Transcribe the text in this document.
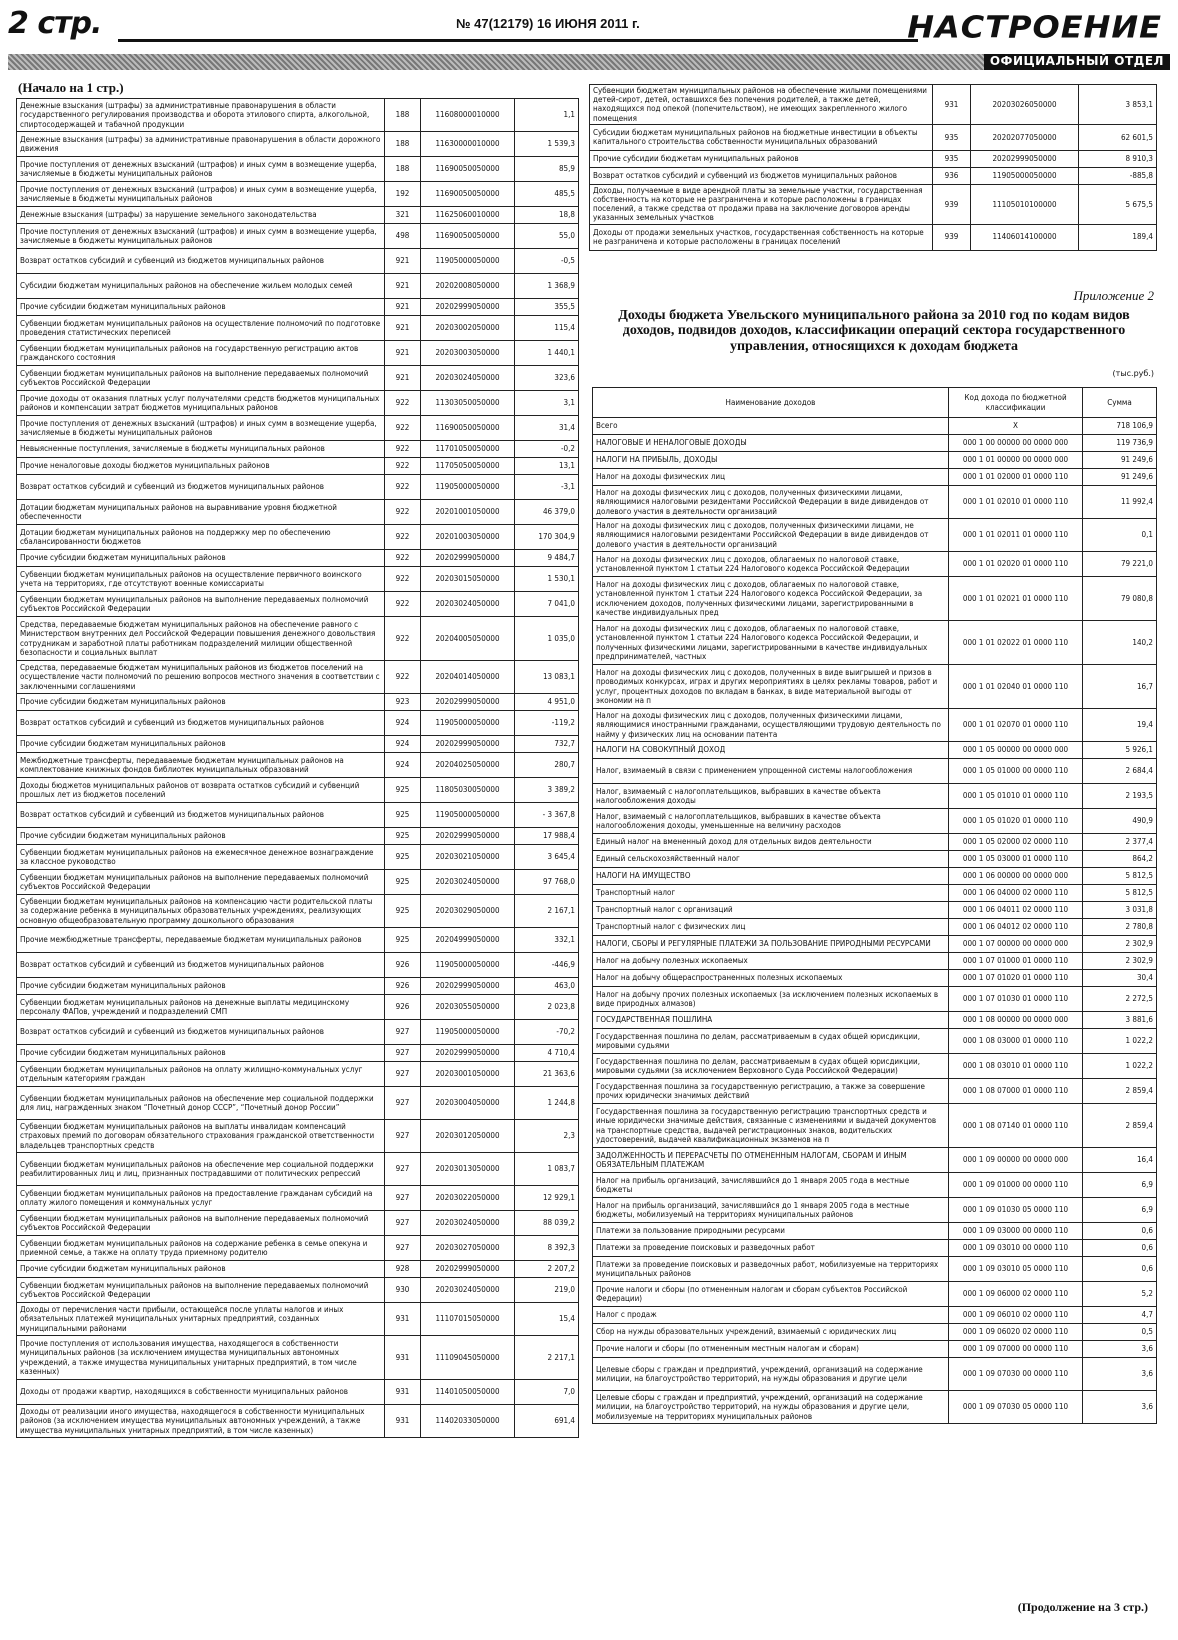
2 стр.	№ 47(12179) 16 ИЮНЯ 2011 г.	НАСТРОЕНИЕ
ОФИЦИАЛЬНЫЙ ОТДЕЛ
(Начало на 1 стр.)
Денежные взыскания (штрафы) за административные правонарушения в области государственного регулирования производства и оборота этилового спирта, алкогольной, спиртосодержащей и табачной продукции	188	11608000010000	1,1
Денежные взыскания (штрафы) за административные правонарушения в области дорожного движения	188	11630000010000	1 539,3
Прочие поступления от денежных взысканий (штрафов) и иных сумм в возмещение ущерба, зачисляемые в бюджеты муниципальных районов	188	11690050050000	85,9
Прочие поступления от денежных взысканий (штрафов) и иных сумм в возмещение ущерба, зачисляемые в бюджеты муниципальных районов	192	11690050050000	485,5
Денежные взыскания (штрафы) за нарушение земельного законодательства	321	11625060010000	18,8
Прочие поступления от денежных взысканий (штрафов) и иных сумм в возмещение ущерба, зачисляемые в бюджеты муниципальных районов	498	11690050050000	55,0
Возврат остатков субсидий и субвенций из бюджетов муниципальных районов	921	11905000050000	-0,5
Субсидии бюджетам муниципальных районов на обеспечение жильем молодых семей	921	20202008050000	1 368,9
Прочие субсидии бюджетам муниципальных районов	921	20202999050000	355,5
Субвенции бюджетам муниципальных районов на осуществление полномочий по подготовке проведения статистических переписей	921	20203002050000	115,4
Субвенции бюджетам муниципальных районов на государственную регистрацию актов гражданского состояния	921	20203003050000	1 440,1
Субвенции бюджетам муниципальных районов на выполнение передаваемых полномочий субъектов Российской Федерации	921	20203024050000	323,6
Прочие доходы от оказания платных услуг получателями средств бюджетов муниципальных районов и компенсации затрат бюджетов муниципальных районов	922	11303050050000	3,1
Прочие поступления от денежных взысканий (штрафов) и иных сумм в возмещение ущерба, зачисляемые в бюджеты муниципальных районов	922	11690050050000	31,4
Невыясненные поступления, зачисляемые в бюджеты муниципальных районов	922	11701050050000	-0,2
Прочие неналоговые доходы бюджетов муниципальных районов	922	11705050050000	13,1
Возврат остатков субсидий и субвенций из бюджетов муниципальных районов	922	11905000050000	-3,1
Дотации бюджетам муниципальных районов на выравнивание уровня бюджетной обеспеченности	922	20201001050000	46 379,0
Дотации бюджетам муниципальных районов на поддержку мер по обеспечению сбалансированности бюджетов	922	20201003050000	170 304,9
Прочие субсидии бюджетам муниципальных районов	922	20202999050000	9 484,7
Субвенции бюджетам муниципальных районов на осуществление первичного воинского учета на территориях, где отсутствуют военные комиссариаты	922	20203015050000	1 530,1
Субвенции бюджетам муниципальных районов на выполнение передаваемых полномочий субъектов Российской Федерации	922	20203024050000	7 041,0
Средства, передаваемые бюджетам муниципальных районов на обеспечение равного с Министерством внутренних дел Российской Федерации повышения денежного довольствия сотрудникам и заработной платы работникам подразделений милиции общественной безопасности и социальных выплат	922	20204005050000	1 035,0
Средства, передаваемые бюджетам муниципальных районов из бюджетов поселений на осуществление части полномочий по решению вопросов местного значения в соответствии с заключенными соглашениями	922	20204014050000	13 083,1
Прочие субсидии бюджетам муниципальных районов	923	20202999050000	4 951,0
Возврат остатков субсидий и субвенций из бюджетов муниципальных районов	924	11905000050000	-119,2
Прочие субсидии бюджетам муниципальных районов	924	20202999050000	732,7
Межбюджетные трансферты, передаваемые бюджетам муниципальных районов на комплектование книжных фондов библиотек муниципальных образований	924	20204025050000	280,7
Доходы бюджетов муниципальных районов от возврата остатков субсидий и субвенций прошлых лет из бюджетов поселений	925	11805030050000	3 389,2
Возврат остатков субсидий и субвенций из бюджетов муниципальных районов	925	11905000050000	- 3 367,8
Прочие субсидии бюджетам муниципальных районов	925	20202999050000	17 988,4
Субвенции бюджетам муниципальных районов на ежемесячное денежное вознаграждение за классное руководство	925	20203021050000	3 645,4
Субвенции бюджетам муниципальных районов на выполнение передаваемых полномочий субъектов Российской Федерации	925	20203024050000	97 768,0
Субвенции бюджетам муниципальных районов на компенсацию части родительской платы за содержание ребенка в муниципальных образовательных учреждениях, реализующих основную общеобразовательную программу дошкольного образования	925	20203029050000	2 167,1
Прочие межбюджетные трансферты, передаваемые бюджетам муниципальных районов	925	20204999050000	332,1
Возврат остатков субсидий и субвенций из бюджетов муниципальных районов	926	11905000050000	-446,9
Прочие субсидии бюджетам муниципальных районов	926	20202999050000	463,0
Субвенции бюджетам муниципальных районов на денежные выплаты медицинскому персоналу ФАПов, учреждений и подразделений СМП	926	20203055050000	2 023,8
Возврат остатков субсидий и субвенций из бюджетов муниципальных районов	927	11905000050000	-70,2
Прочие субсидии бюджетам муниципальных районов	927	20202999050000	4 710,4
Субвенции бюджетам муниципальных районов на оплату жилищно-коммунальных услуг отдельным категориям граждан	927	20203001050000	21 363,6
Субвенции бюджетам муниципальных районов на обеспечение мер социальной поддержки для лиц, награжденных знаком “Почетный донор СССР”, “Почетный донор России”	927	20203004050000	1 244,8
Субвенции бюджетам муниципальных районов на выплаты инвалидам компенсаций страховых премий по договорам обязательного страхования гражданской ответственности владельцев транспортных средств	927	20203012050000	2,3
Субвенции бюджетам муниципальных районов на обеспечение мер социальной поддержки реабилитированных лиц и лиц, признанных пострадавшими от политических репрессий	927	20203013050000	1 083,7
Субвенции бюджетам муниципальных районов на предоставление гражданам субсидий на оплату жилого помещения и коммунальных услуг	927	20203022050000	12 929,1
Субвенции бюджетам муниципальных районов на выполнение передаваемых полномочий субъектов Российской Федерации	927	20203024050000	88 039,2
Субвенции бюджетам муниципальных районов на содержание ребенка в семье опекуна и приемной семье, а также на оплату труда приемному родителю	927	20203027050000	8 392,3
Прочие субсидии бюджетам муниципальных районов	928	20202999050000	2 207,2
Субвенции бюджетам муниципальных районов на выполнение передаваемых полномочий субъектов Российской Федерации	930	20203024050000	219,0
Доходы от перечисления части прибыли, остающейся после уплаты налогов и иных обязательных платежей муниципальных унитарных предприятий, созданных муниципальными районами	931	11107015050000	15,4
Прочие поступления от использования имущества, находящегося в собственности муниципальных районов (за исключением имущества муниципальных автономных учреждений, а также имущества муниципальных унитарных предприятий, в том числе казенных)	931	11109045050000	2 217,1
Доходы от продажи квартир, находящихся в собственности муниципальных районов	931	11401050050000	7,0
Доходы от реализации иного имущества, находящегося в собственности муниципальных районов (за исключением имущества муниципальных автономных учреждений, а также имущества муниципальных унитарных предприятий, в том числе казенных)	931	11402033050000	691,4
Субвенции бюджетам муниципальных районов на обеспечение жилыми помещениями детей-сирот, детей, оставшихся без попечения родителей, а также детей, находящихся под опекой (попечительством), не имеющих закрепленного жилого помещения	931	20203026050000	3 853,1
Субсидии бюджетам муниципальных районов на бюджетные инвестиции в объекты капитального строительства собственности муниципальных образований	935	20202077050000	62 601,5
Прочие субсидии бюджетам муниципальных районов	935	20202999050000	8 910,3
Возврат остатков субсидий и субвенций из бюджетов муниципальных районов	936	11905000050000	-885,8
Доходы, получаемые в виде арендной платы за земельные участки, государственная собственность на которые не разграничена и которые расположены в границах поселений, а также средства от продажи права на заключение договоров аренды указанных земельных участков	939	11105010100000	5 675,5
Доходы от продажи земельных участков, государственная собственность на которые не разграничена и которые расположены в границах поселений	939	11406014100000	189,4
Приложение 2
Доходы бюджета Увельского муниципального района за 2010 год по кодам видов доходов, подвидов доходов, классификации операций сектора государственного управления, относящихся к доходам бюджета
(тыс.руб.)
Наименование доходов	Код дохода по бюджетной классификации	Сумма
Всего	Х	718 106,9
НАЛОГОВЫЕ И НЕНАЛОГОВЫЕ ДОХОДЫ	000 1 00 00000 00 0000 000	119 736,9
НАЛОГИ НА ПРИБЫЛЬ, ДОХОДЫ	000 1 01 00000 00 0000 000	91 249,6
Налог на доходы физических лиц	000 1 01 02000 01 0000 110	91 249,6
Налог на доходы физических лиц с доходов, полученных физическими лицами, являющимися налоговыми резидентами Российской Федерации в виде дивидендов от долевого участия в деятельности организаций	000 1 01 02010 01 0000 110	11 992,4
Налог на доходы физических лиц с доходов, полученных физическими лицами, не являющимися налоговыми резидентами Российской Федерации в виде дивидендов от долевого участия в деятельности организаций	000 1 01 02011 01 0000 110	0,1
Налог на доходы физических лиц с доходов, облагаемых по налоговой ставке, установленной пунктом 1 статьи 224 Налогового кодекса Российской Федерации	000 1 01 02020 01 0000 110	79 221,0
Налог на доходы физических лиц с доходов, облагаемых по налоговой ставке, установленной пунктом 1 статьи 224 Налогового кодекса Российской Федерации, за исключением доходов, полученных физическими лицами, зарегистрированными в качестве индивидуальных пред	000 1 01 02021 01 0000 110	79 080,8
Налог на доходы физических лиц с доходов, облагаемых по налоговой ставке, установленной пунктом 1 статьи 224 Налогового кодекса Российской Федерации, и полученных физическими лицами, зарегистрированными в качестве индивидуальных предпринимателей, частных	000 1 01 02022 01 0000 110	140,2
Налог на доходы физических лиц с доходов, полученных в виде выигрышей и призов в проводимых конкурсах, играх и других мероприятиях в целях рекламы товаров, работ и услуг, процентных доходов по вкладам в банках, в виде материальной выгоды от экономии на п	000 1 01 02040 01 0000 110	16,7
Налог на доходы физических лиц с доходов, полученных физическими лицами, являющимися иностранными гражданами, осуществляющими трудовую деятельность по найму у физических лиц на основании патента	000 1 01 02070 01 0000 110	19,4
НАЛОГИ НА СОВОКУПНЫЙ ДОХОД	000 1 05 00000 00 0000 000	5 926,1
Налог, взимаемый в связи с применением упрощенной системы налогообложения	000 1 05 01000 00 0000 110	2 684,4
Налог, взимаемый с налогоплательщиков, выбравших в качестве объекта налогообложения доходы	000 1 05 01010 01 0000 110	2 193,5
Налог, взимаемый с налогоплательщиков, выбравших в качестве объекта налогообложения доходы, уменьшенные на величину расходов	000 1 05 01020 01 0000 110	490,9
Единый налог на вмененный доход для отдельных видов деятельности	000 1 05 02000 02 0000 110	2 377,4
Единый сельскохозяйственный налог	000 1 05 03000 01 0000 110	864,2
НАЛОГИ НА ИМУЩЕСТВО	000 1 06 00000 00 0000 000	5 812,5
Транспортный налог	000 1 06 04000 02 0000 110	5 812,5
Транспортный налог с организаций	000 1 06 04011 02 0000 110	3 031,8
Транспортный налог с физических лиц	000 1 06 04012 02 0000 110	2 780,8
НАЛОГИ, СБОРЫ И РЕГУЛЯРНЫЕ ПЛАТЕЖИ ЗА ПОЛЬЗОВАНИЕ ПРИРОДНЫМИ РЕСУРСАМИ	000 1 07 00000 00 0000 000	2 302,9
Налог на добычу полезных ископаемых	000 1 07 01000 01 0000 110	2 302,9
Налог на добычу общераспространенных полезных ископаемых	000 1 07 01020 01 0000 110	30,4
Налог на добычу прочих полезных ископаемых (за исключением полезных ископаемых в виде природных алмазов)	000 1 07 01030 01 0000 110	2 272,5
ГОСУДАРСТВЕННАЯ ПОШЛИНА	000 1 08 00000 00 0000 000	3 881,6
Государственная пошлина по делам, рассматриваемым в судах общей юрисдикции, мировыми судьями	000 1 08 03000 01 0000 110	1 022,2
Государственная пошлина по делам, рассматриваемым в судах общей юрисдикции, мировыми судьями (за исключением Верховного Суда Российской Федерации)	000 1 08 03010 01 0000 110	1 022,2
Государственная пошлина за государственную регистрацию, а также за совершение прочих юридически значимых действий	000 1 08 07000 01 0000 110	2 859,4
Государственная пошлина за государственную регистрацию транспортных средств и иные юридически значимые действия, связанные с изменениями и выдачей документов на транспортные средства, выдачей регистрационных знаков, водительских удостоверений, выдачей квалификационных экзаменов на п	000 1 08 07140 01 0000 110	2 859,4
ЗАДОЛЖЕННОСТЬ И ПЕРЕРАСЧЕТЫ ПО ОТМЕНЕННЫМ НАЛОГАМ, СБОРАМ И ИНЫМ ОБЯЗАТЕЛЬНЫМ ПЛАТЕЖАМ	000 1 09 00000 00 0000 000	16,4
Налог на прибыль организаций, зачислявшийся до 1 января 2005 года в местные бюджеты	000 1 09 01000 00 0000 110	6,9
Налог на прибыль организаций, зачислявшийся до 1 января 2005 года в местные бюджеты, мобилизуемый на территориях муниципальных районов	000 1 09 01030 05 0000 110	6,9
Платежи за пользование природными ресурсами	000 1 09 03000 00 0000 110	0,6
Платежи за проведение поисковых и разведочных работ	000 1 09 03010 00 0000 110	0,6
Платежи за проведение поисковых и разведочных работ, мобилизуемые на территориях муниципальных районов	000 1 09 03010 05 0000 110	0,6
Прочие налоги и сборы (по отмененным налогам и сборам субъектов Российской Федерации)	000 1 09 06000 02 0000 110	5,2
Налог с продаж	000 1 09 06010 02 0000 110	4,7
Сбор на нужды образовательных учреждений, взимаемый с юридических лиц	000 1 09 06020 02 0000 110	0,5
Прочие налоги и сборы (по отмененным местным налогам и сборам)	000 1 09 07000 00 0000 110	3,6
Целевые сборы с граждан и предприятий, учреждений, организаций на содержание милиции, на благоустройство территорий, на нужды образования и другие цели	000 1 09 07030 00 0000 110	3,6
Целевые сборы с граждан и предприятий, учреждений, организаций на содержание милиции, на благоустройство территорий, на нужды образования и другие цели, мобилизуемые на территориях муниципальных районов	000 1 09 07030 05 0000 110	3,6
(Продолжение на 3 стр.)
